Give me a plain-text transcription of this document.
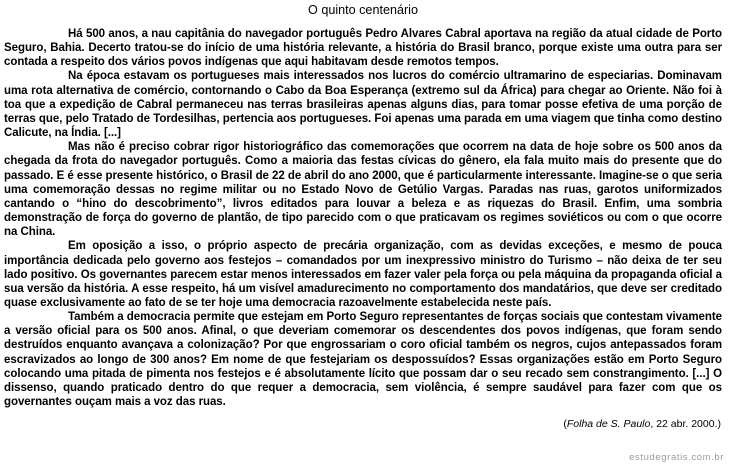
O quinto centenário

Há 500 anos, a nau capitânia do navegador português Pedro Alvares Cabral aportava na região da atual cidade de Porto Seguro, Bahia. Decerto tratou-se do início de uma história relevante, a história do Brasil branco, porque existe uma outra para ser contada a respeito dos vários povos indígenas que aqui habitavam desde remotos tempos.

Na época estavam os portugueses mais interessados nos lucros do comércio ultramarino de especiarias. Dominavam uma rota alternativa de comércio, contornando o Cabo da Boa Esperança (extremo sul da África) para chegar ao Oriente. Não foi à toa que a expedição de Cabral permaneceu nas terras brasileiras apenas alguns dias, para tomar posse efetiva de uma porção de terras que, pelo Tratado de Tordesilhas, pertencia aos portugueses. Foi apenas uma parada em uma viagem que tinha como destino Calicute, na Índia. [...]

Mas não é preciso cobrar rigor historiográfico das comemorações que ocorrem na data de hoje sobre os 500 anos da chegada da frota do navegador português. Como a maioria das festas cívicas do gênero, ela fala muito mais do presente que do passado. E é esse presente histórico, o Brasil de 22 de abril do ano 2000, que é particularmente interessante. Imagine-se o que seria uma comemoração dessas no regime militar ou no Estado Novo de Getúlio Vargas. Paradas nas ruas, garotos uniformizados cantando o “hino do descobrimento”, livros editados para louvar a beleza e as riquezas do Brasil. Enfim, uma sombria demonstração de força do governo de plantão, de tipo parecido com o que praticavam os regimes soviéticos ou com o que ocorre na China.

Em oposição a isso, o próprio aspecto de precária organização, com as devidas exceções, e mesmo de pouca importância dedicada pelo governo aos festejos – comandados por um inexpressivo ministro do Turismo – não deixa de ter seu lado positivo. Os governantes parecem estar menos interessados em fazer valer pela força ou pela máquina da propaganda oficial a sua versão da história. A esse respeito, há um visível amadurecimento no comportamento dos mandatários, que deve ser creditado quase exclusivamente ao fato de se ter hoje uma democracia razoavelmente estabelecida neste país.

Também a democracia permite que estejam em Porto Seguro representantes de forças sociais que contestam vivamente a versão oficial para os 500 anos. Afinal, o que deveriam comemorar os descendentes dos povos indígenas, que foram sendo destruídos enquanto avançava a colonização? Por que engrossariam o coro oficial também os negros, cujos antepassados foram escravizados ao longo de 300 anos? Em nome de que festejariam os despossuídos? Essas organizações estão em Porto Seguro colocando uma pitada de pimenta nos festejos e é absolutamente lícito que possam dar o seu recado sem constrangimento. [...] O dissenso, quando praticado dentro do que requer a democracia, sem violência, é sempre saudável para fazer com que os governantes ouçam mais a voz das ruas.

(Folha de S. Paulo, 22 abr. 2000.)
estudegratis.com.br
